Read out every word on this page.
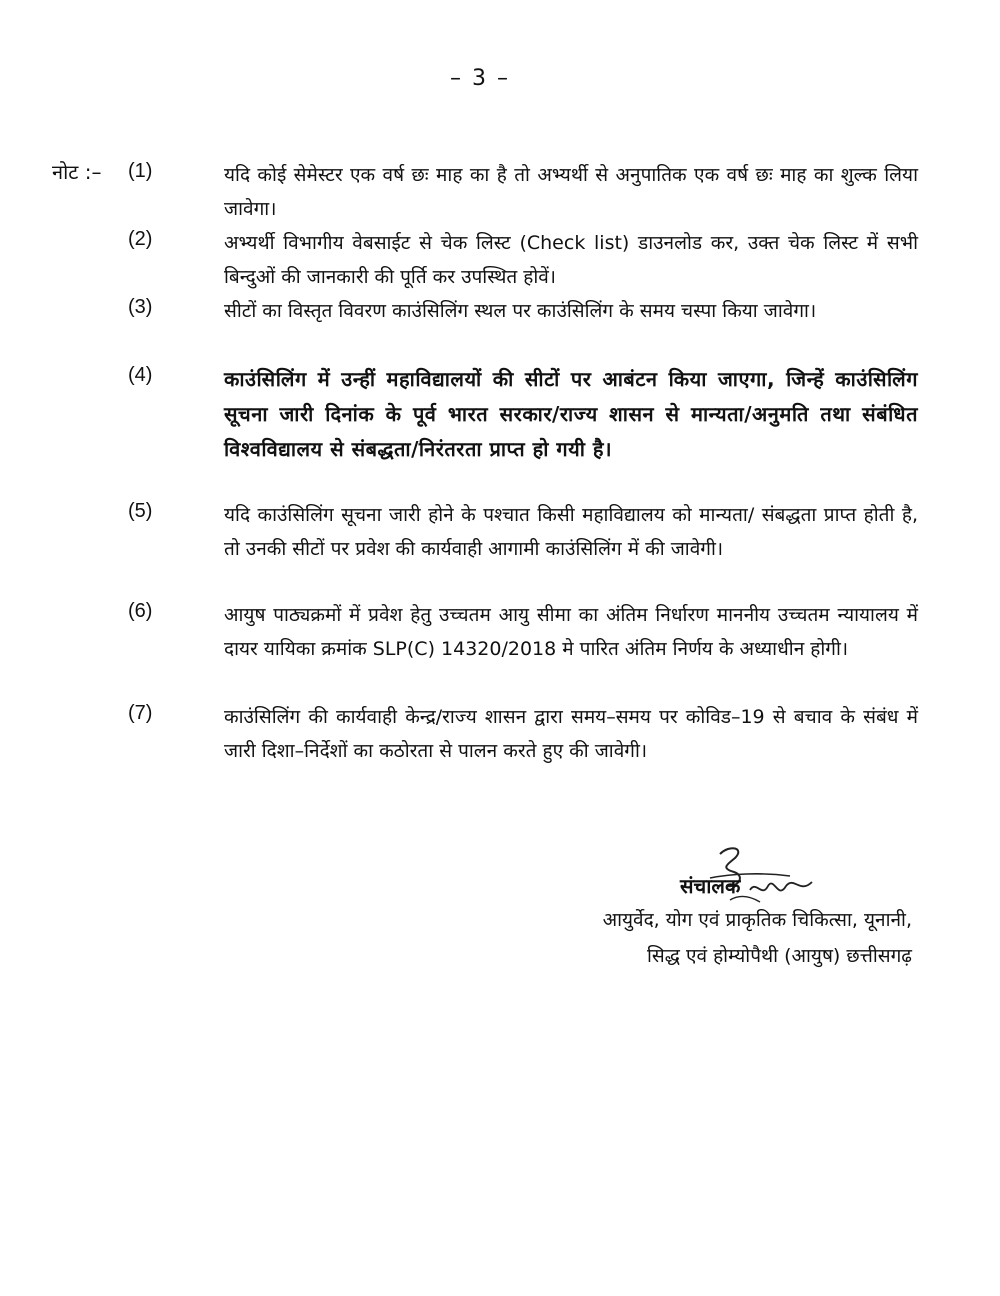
– 3 –
नोट :– (1)	यदि कोई सेमेस्टर एक वर्ष छः माह का है तो अभ्यर्थी से अनुपातिक एक वर्ष छः माह का शुल्क लिया जावेगा।
(2)	अभ्यर्थी विभागीय वेबसाईट से चेक लिस्ट (Check list) डाउनलोड कर, उक्त चेक लिस्ट में सभी बिन्दुओं की जानकारी की पूर्ति कर उपस्थित होवें।
(3)	सीटों का विस्तृत विवरण काउंसिलिंग स्थल पर काउंसिलिंग के समय चस्पा किया जावेगा।
(4)	काउंसिलिंग में उन्हीं महाविद्यालयों की सीटों पर आबंटन किया जाएगा, जिन्हें काउंसिलिंग सूचना जारी दिनांक के पूर्व भारत सरकार/राज्य शासन से मान्यता/अनुमति तथा संबंधित विश्वविद्यालय से संबद्धता/निरंतरता प्राप्त हो गयी है।
(5)	यदि काउंसिलिंग सूचना जारी होने के पश्चात किसी महाविद्यालय को मान्यता/ संबद्धता प्राप्त होती है, तो उनकी सीटों पर प्रवेश की कार्यवाही आगामी काउंसिलिंग में की जावेगी।
(6)	आयुष पाठ्यक्रमों में प्रवेश हेतु उच्चतम आयु सीमा का अंतिम निर्धारण माननीय उच्चतम न्यायालय में दायर यायिका क्रमांक SLP(C) 14320/2018 मे पारित अंतिम निर्णय के अध्याधीन होगी।
(7)	काउंसिलिंग की कार्यवाही केन्द्र/राज्य शासन द्वारा समय–समय पर कोविड–19 से बचाव के संबंध में जारी दिशा–निर्देशों का कठोरता से पालन करते हुए की जावेगी।
संचालक
आयुर्वेद, योग एवं प्राकृतिक चिकित्सा, यूनानी,
सिद्ध एवं होम्योपैथी (आयुष) छत्तीसगढ़
